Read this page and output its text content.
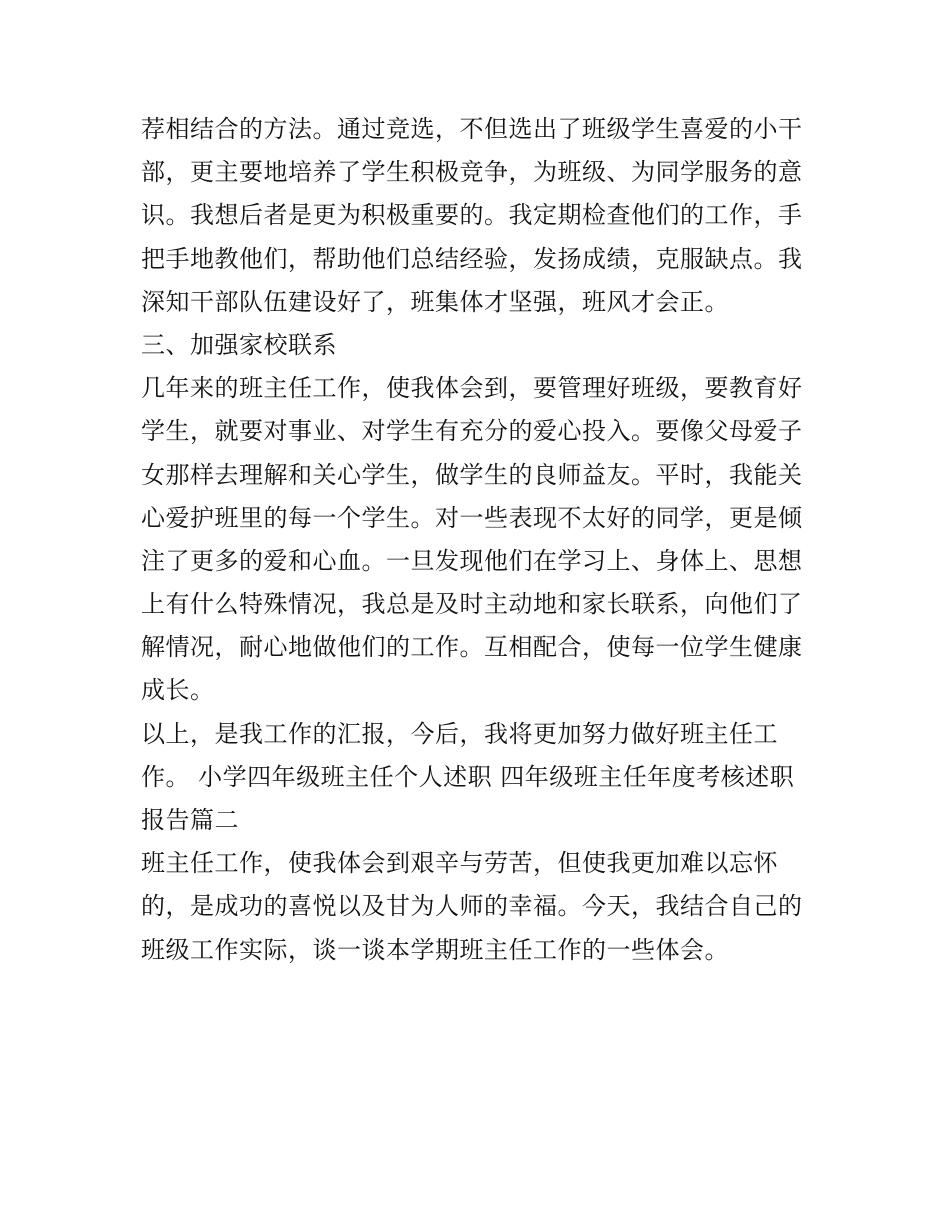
荐相结合的方法。通过竞选，不但选出了班级学生喜爱的小干
部，更主要地培养了学生积极竞争，为班级、为同学服务的意
识。我想后者是更为积极重要的。我定期检查他们的工作，手
把手地教他们，帮助他们总结经验，发扬成绩，克服缺点。我
深知干部队伍建设好了，班集体才坚强，班风才会正。
三、加强家校联系
几年来的班主任工作，使我体会到，要管理好班级，要教育好
学生，就要对事业、对学生有充分的爱心投入。要像父母爱子
女那样去理解和关心学生，做学生的良师益友。平时，我能关
心爱护班里的每一个学生。对一些表现不太好的同学，更是倾
注了更多的爱和心血。一旦发现他们在学习上、身体上、思想
上有什么特殊情况，我总是及时主动地和家长联系，向他们了
解情况，耐心地做他们的工作。互相配合，使每一位学生健康
成长。
以上，是我工作的汇报，今后，我将更加努力做好班主任工
作。 小学四年级班主任个人述职 四年级班主任年度考核述职
报告篇二
班主任工作，使我体会到艰辛与劳苦，但使我更加难以忘怀
的，是成功的喜悦以及甘为人师的幸福。今天，我结合自己的
班级工作实际，谈一谈本学期班主任工作的一些体会。
